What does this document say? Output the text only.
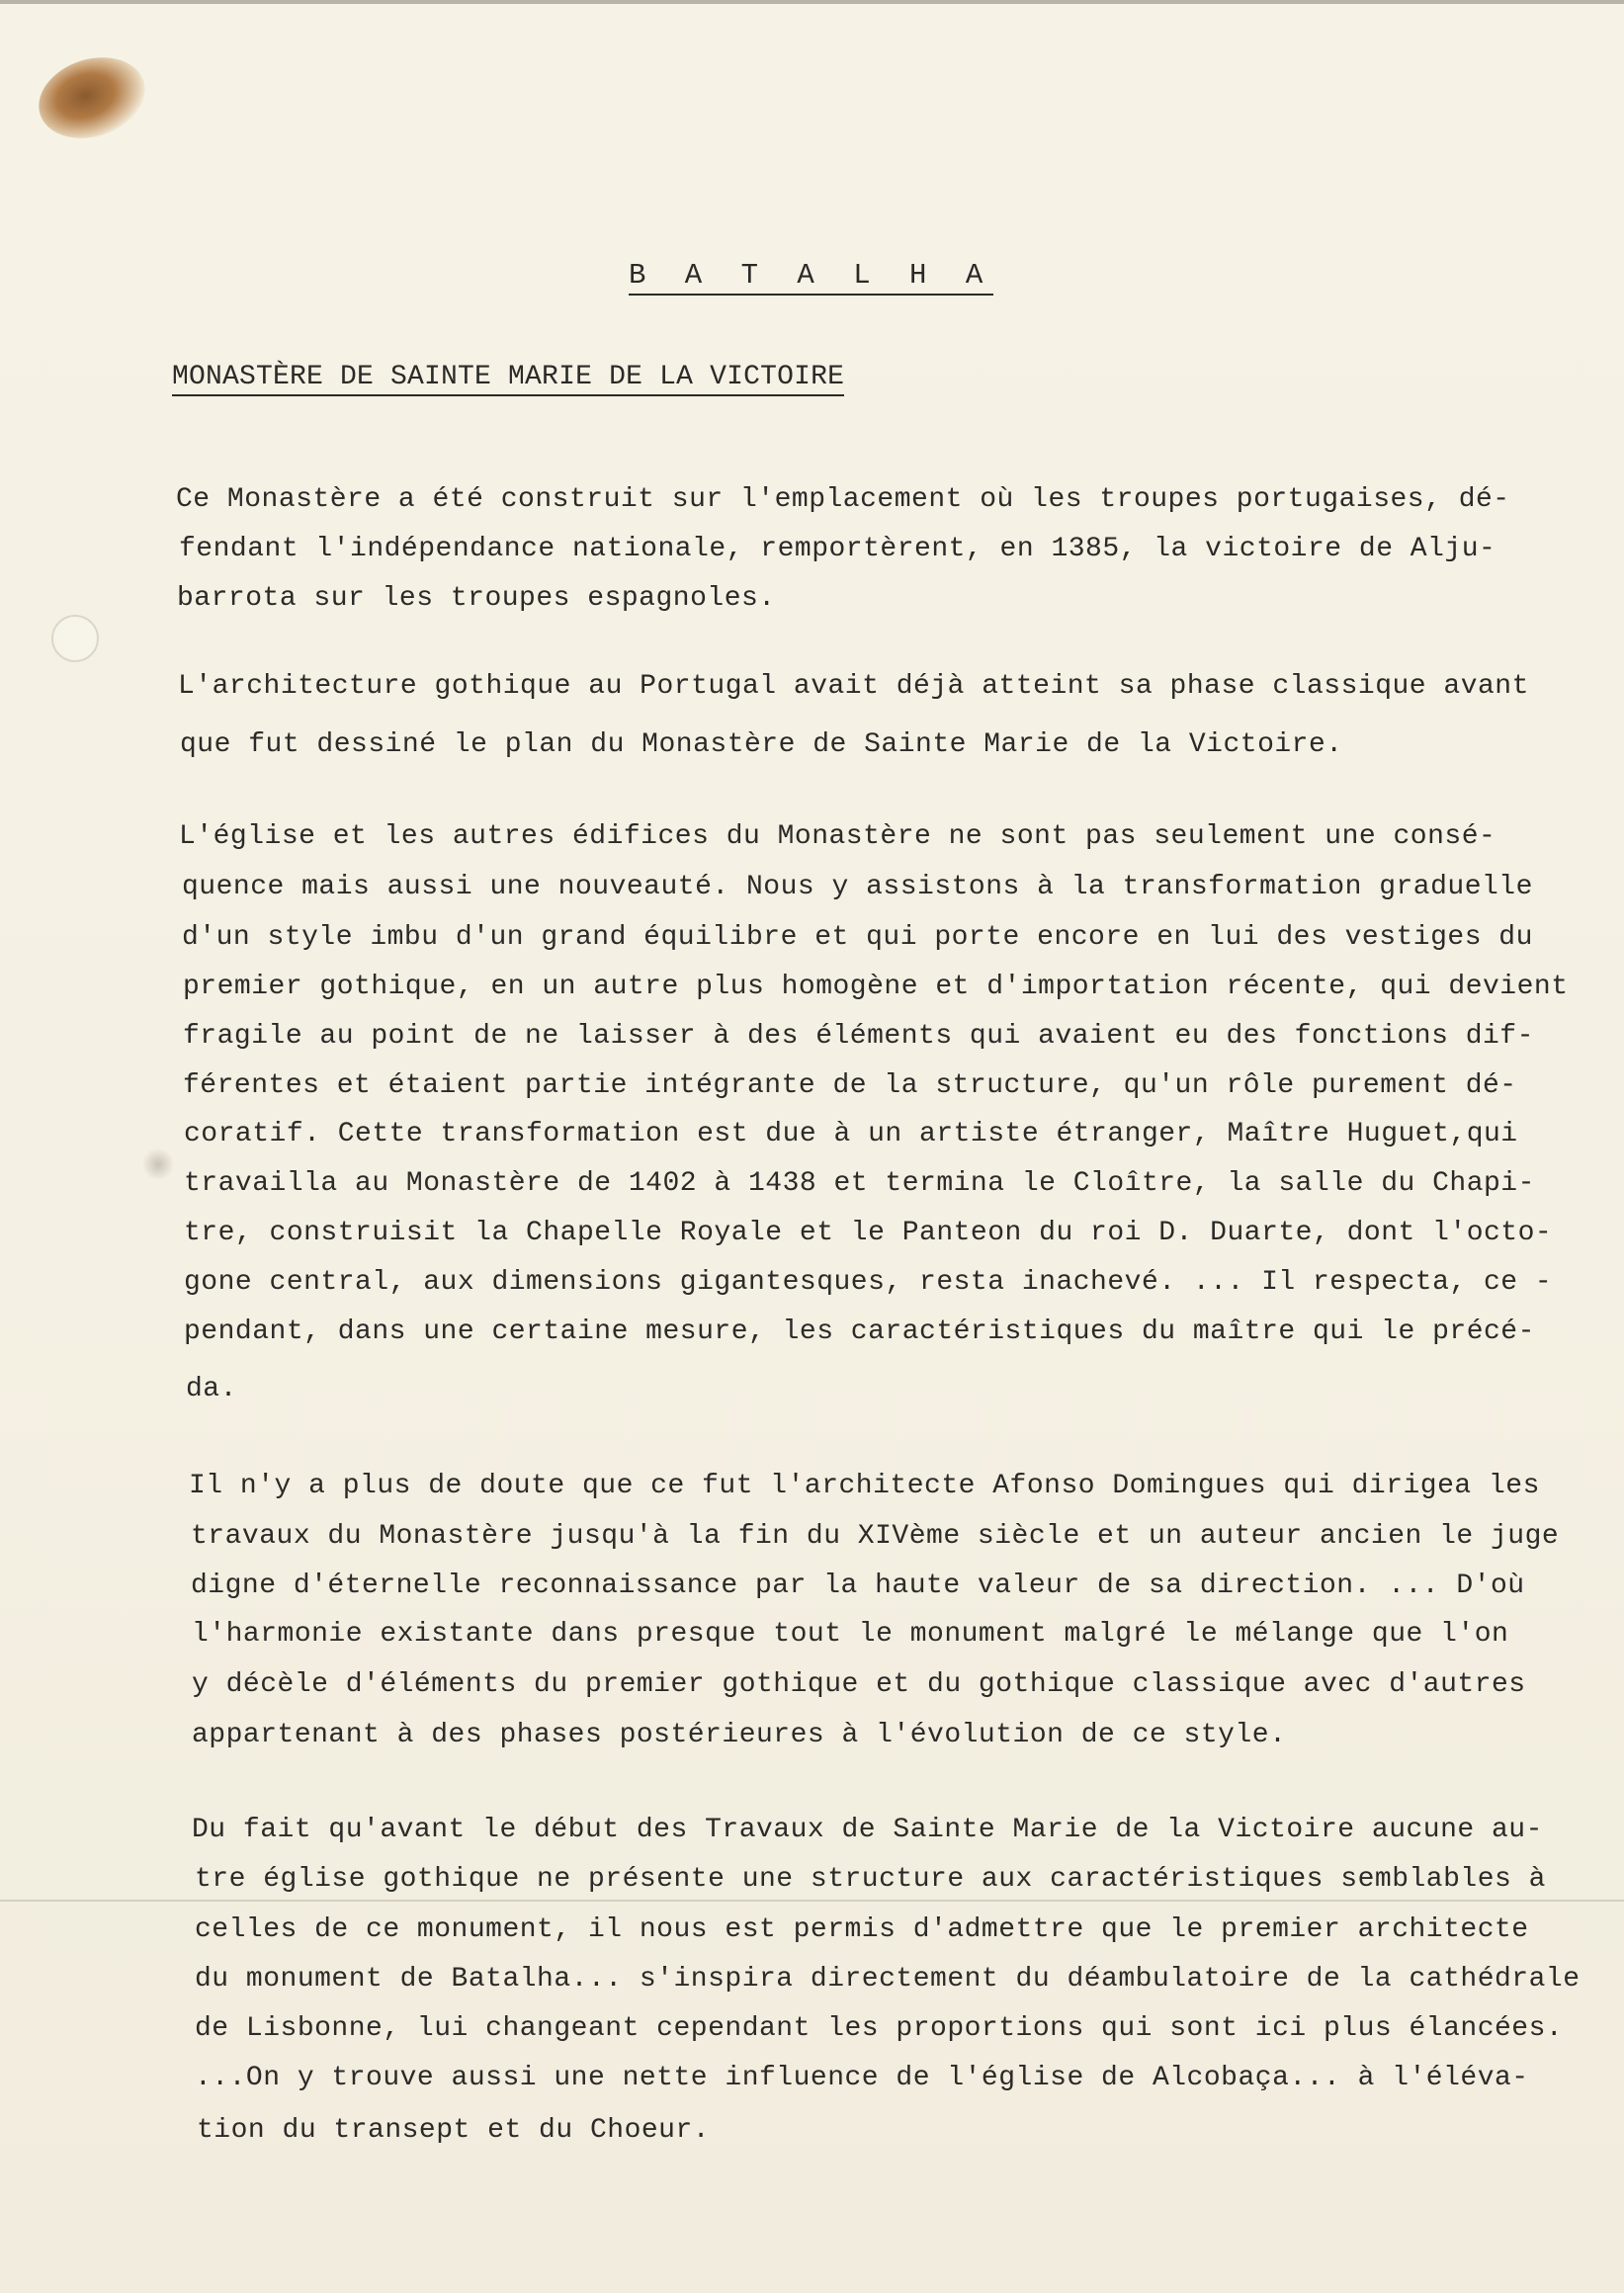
B A T A L H A
MONASTÈRE DE SAINTE MARIE DE LA VICTOIRE
Ce Monastère a été construit sur l'emplacement où les troupes portugaises, dé-
fendant l'indépendance nationale, remportèrent, en 1385, la victoire de Alju-
barrota sur les troupes espagnoles.
L'architecture gothique au Portugal avait déjà atteint sa phase classique avant
que fut dessiné le plan du Monastère de Sainte Marie de la Victoire.
L'église et les autres édifices du Monastère ne sont pas seulement une consé-
quence mais aussi une nouveauté. Nous y assistons à la transformation graduelle
d'un style imbu d'un grand équilibre et qui porte encore en lui des vestiges du
premier gothique, en un autre plus homogène et d'importation récente, qui devient
fragile au point de ne laisser à des éléments qui avaient eu des fonctions dif-
férentes et étaient partie intégrante de la structure, qu'un rôle purement dé-
coratif. Cette transformation est due à un artiste étranger, Maître Huguet,qui
travailla au Monastère de 1402 à 1438 et termina le Cloître, la salle du Chapi-
tre, construisit la Chapelle Royale et le Panteon du roi D. Duarte, dont l'octo-
gone central, aux dimensions gigantesques, resta inachevé. ... Il respecta, ce -
pendant, dans une certaine mesure, les caractéristiques du maître qui le précé-
da.
Il n'y a plus de doute que ce fut l'architecte Afonso Domingues qui dirigea les
travaux du Monastère jusqu'à la fin du XIVème siècle et un auteur ancien le juge
digne d'éternelle reconnaissance par la haute valeur de sa direction. ... D'où
l'harmonie existante dans presque tout le monument malgré le mélange que l'on
y décèle d'éléments du premier gothique et du gothique classique avec d'autres
appartenant à des phases postérieures à l'évolution de ce style.
Du fait qu'avant le début des Travaux de Sainte Marie de la Victoire aucune au-
tre église gothique ne présente une structure aux caractéristiques semblables à
celles de ce monument, il nous est permis d'admettre que le premier architecte
du monument de Batalha... s'inspira directement du déambulatoire de la cathédrale
de Lisbonne, lui changeant cependant les proportions qui sont ici plus élancées.
...On y trouve aussi une nette influence de l'église de Alcobaça... à l'éléva-
tion du transept et du Choeur.
